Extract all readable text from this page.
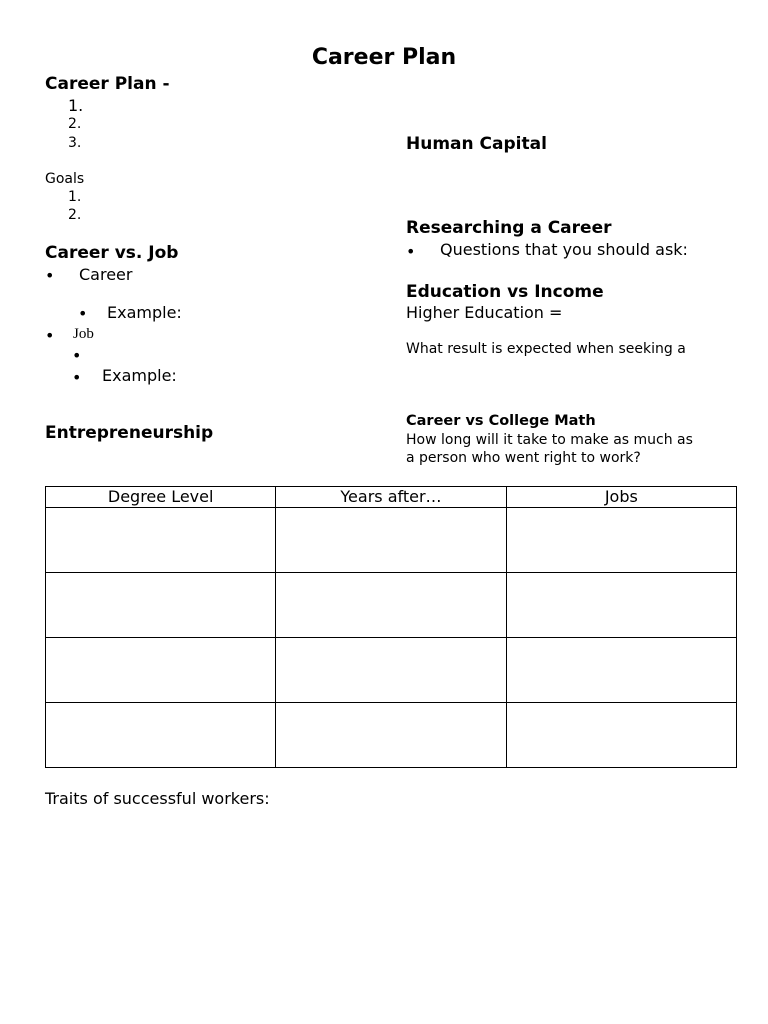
Career Plan
Career Plan -
1.
2.
3.
Goals
1.
2.
Career vs. Job
•
Career
•
Example:
•
Job
•
•
Example:
Entrepreneurship
Human Capital
Researching a Career
•
Questions that you should ask:
Education vs Income
Higher Education =
What result is expected when seeking a
Career vs College Math
How long will it take to make as much as
a person who went right to work?
Degree Level	Years after…	Jobs

Traits of successful workers:
